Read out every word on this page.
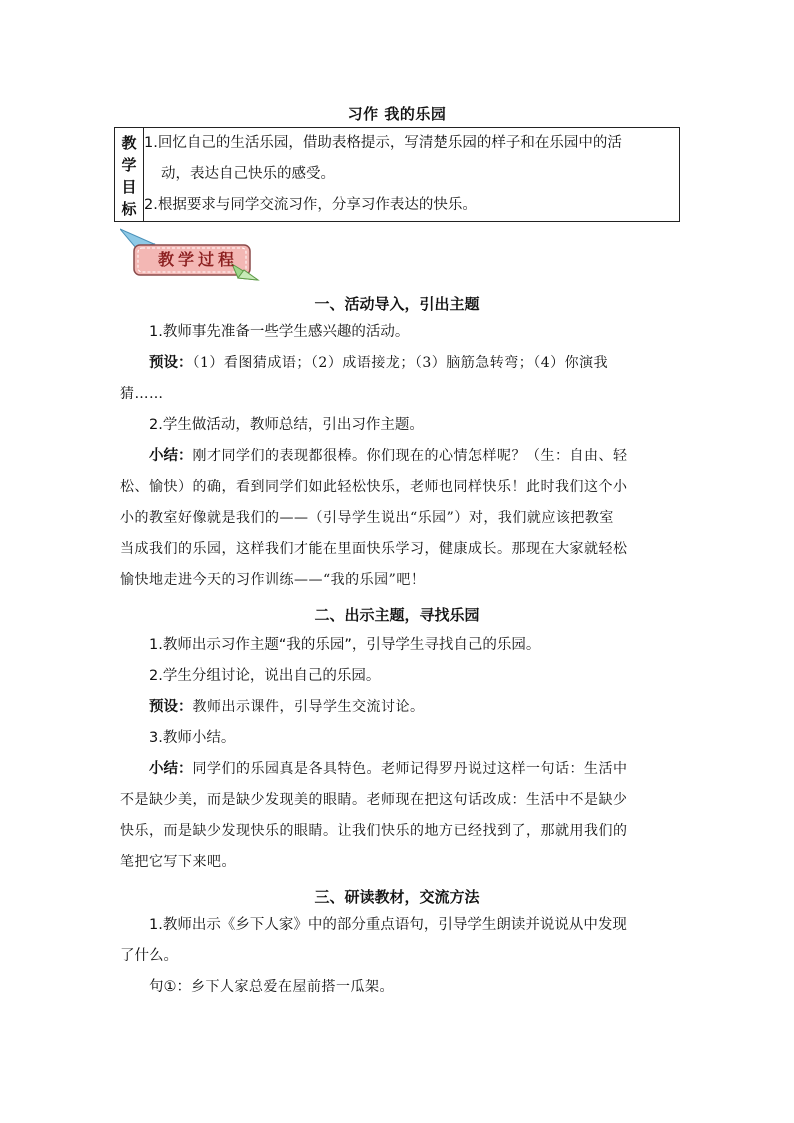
习作 我的乐园
教
学
目
标

1.回忆自己的生活乐园，借助表格提示，写清楚乐园的样子和在乐园中的活
动，表达自己快乐的感受。
2.根据要求与同学交流习作，分享习作表达的快乐。
教学过程
一、活动导入，引出主题
1.教师事先准备一些学生感兴趣的活动。
预设：（1）看图猜成语；（2）成语接龙；（3）脑筋急转弯；（4）你演我
猜……
2.学生做活动，教师总结，引出习作主题。
小结：刚才同学们的表现都很棒。你们现在的心情怎样呢？（生：自由、轻
松、愉快）的确，看到同学们如此轻松快乐，老师也同样快乐！此时我们这个小
小的教室好像就是我们的——（引导学生说出“乐园”）对，我们就应该把教室
当成我们的乐园，这样我们才能在里面快乐学习，健康成长。那现在大家就轻松
愉快地走进今天的习作训练——“我的乐园”吧！
二、出示主题，寻找乐园
1.教师出示习作主题“我的乐园”，引导学生寻找自己的乐园。
2.学生分组讨论，说出自己的乐园。
预设：教师出示课件，引导学生交流讨论。
3.教师小结。
小结：同学们的乐园真是各具特色。老师记得罗丹说过这样一句话：生活中
不是缺少美，而是缺少发现美的眼睛。老师现在把这句话改成：生活中不是缺少
快乐，而是缺少发现快乐的眼睛。让我们快乐的地方已经找到了，那就用我们的
笔把它写下来吧。
三、研读教材，交流方法
1.教师出示《乡下人家》中的部分重点语句，引导学生朗读并说说从中发现
了什么。
句①：乡下人家总爱在屋前搭一瓜架。
